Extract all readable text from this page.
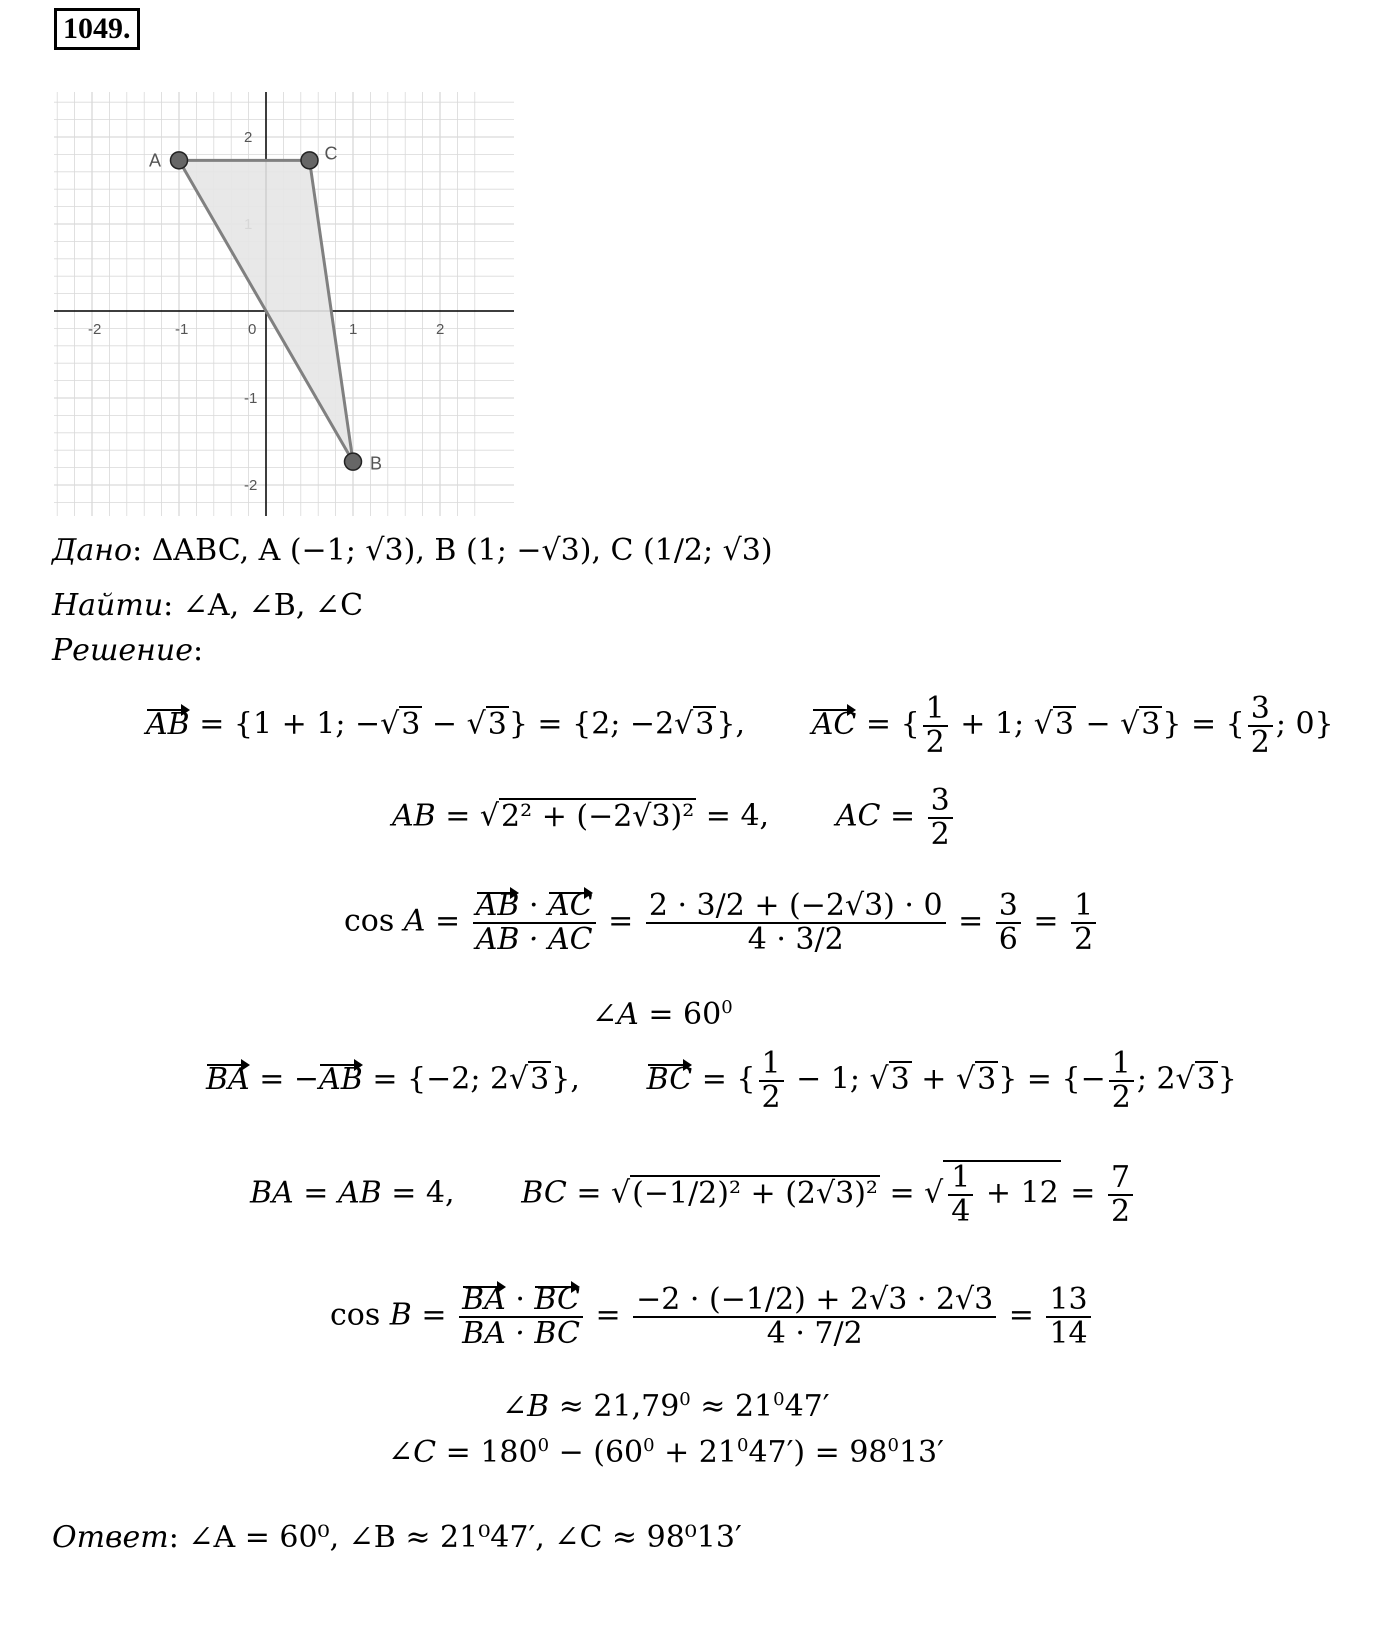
1049.
-2	-1	0	1	2
2
-1
-2
A	C
B
Дано: ΔABC, A (−1; √3), B (1; −√3), C (1/2; √3)
Найти: ∠A, ∠B, ∠C
Решение:
AB = {1 + 1; −√3 − √3} = {2; −2√3},       AC = { $\frac{1}{2} + 1$; √3 − √3} = { $\frac{3}{2}$ ; 0}
AB = √2² + (−2√3)² = 4,       AC = $\frac{3}{2}$
$\cos A = \frac{AB \cdot AC}{AB \cdot AC} = \frac{2 \cdot 3/2 + (-2√3) \cdot 0}{4 \cdot 3/2} = \frac{3}{6} = \frac{1}{2}$
∠A = $60^0$
BA = −AB = {−2; 2√3},       BC = { $\frac{1}{2} - 1$; √3 + √3} = {− $\frac{1}{2}$ ; 2√3}
BA = AB = 4,       BC = √(−1/2)² + (2√3)² = √ $\frac{1}{4} + 12 = \frac{7}{2}$
$\cos B = \frac{BA \cdot BC}{BA \cdot BC} = \frac{-2 \cdot (-1/2) + 2√3 \cdot 2√3}{4 \cdot 7/2} = \frac{13}{14}$
∠B ≈ $21,79^0 \approx 21^047'$
∠C = $180^0 - (60^0 + 21^047') = 98^013'$
Ответ: ∠A = 60⁰, ∠B ≈ 21⁰47′, ∠C ≈ 98⁰13′
